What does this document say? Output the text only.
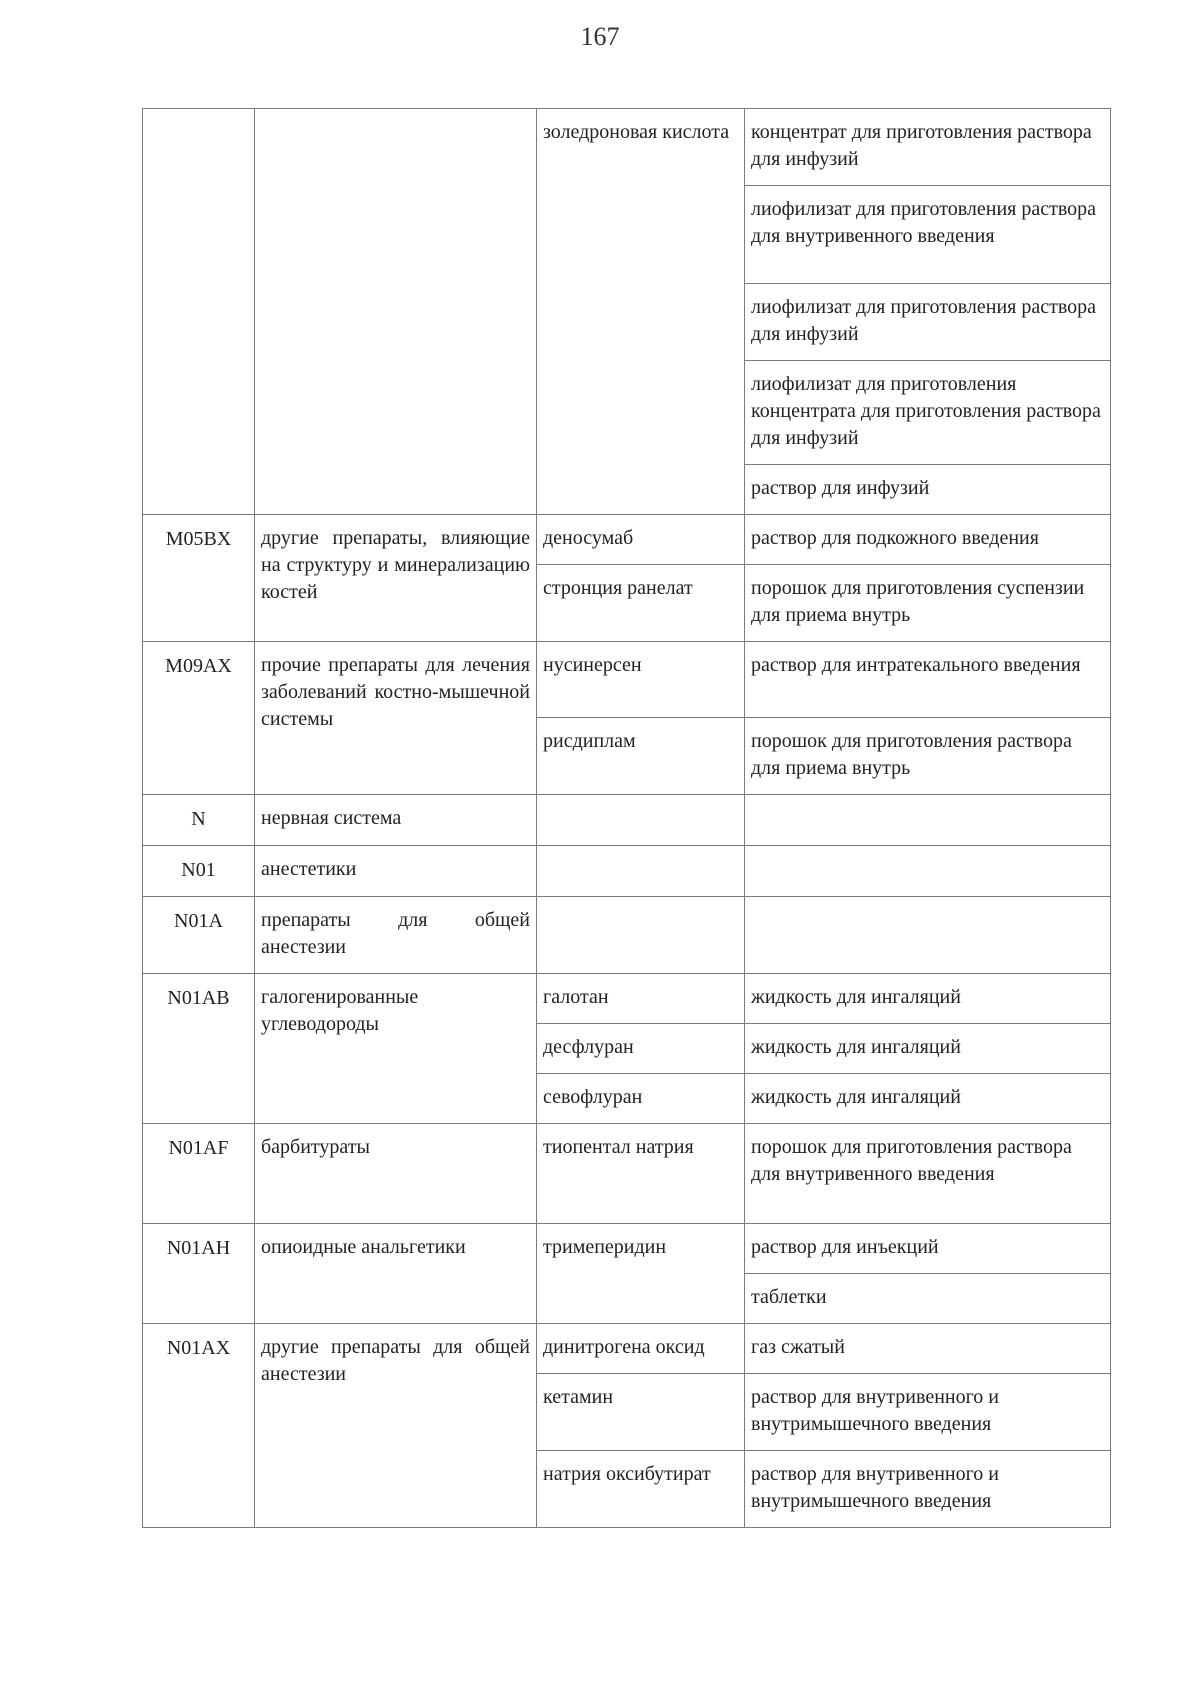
167
		золедроновая кислота	концентрат для приготовления раствора для инфузий
			лиофилизат для приготовления раствора для внутривенного введения
			лиофилизат для приготовления раствора для инфузий
			лиофилизат для приготовления концентрата для приготовления раствора для инфузий
			раствор для инфузий
M05BX	другие препараты, влияющие на структуру и минерализацию костей	деносумаб	раствор для подкожного введения
		стронция ранелат	порошок для приготовления суспензии для приема внутрь
M09AX	прочие препараты для лечения заболеваний костно-мышечной системы	нусинерсен	раствор для интратекального введения
		рисдиплам	порошок для приготовления раствора для приема внутрь
N	нервная система		
N01	анестетики		
N01A	препараты для общей анестезии		
N01AB	галогенированные углеводороды	галотан	жидкость для ингаляций
		десфлуран	жидкость для ингаляций
		севофлуран	жидкость для ингаляций
N01AF	барбитураты	тиопентал натрия	порошок для приготовления раствора для внутривенного введения
N01AH	опиоидные анальгетики	тримеперидин	раствор для инъекций
			таблетки
N01AX	другие препараты для общей анестезии	динитрогена оксид	газ сжатый
		кетамин	раствор для внутривенного и внутримышечного введения
		натрия оксибутират	раствор для внутривенного и внутримышечного введения
